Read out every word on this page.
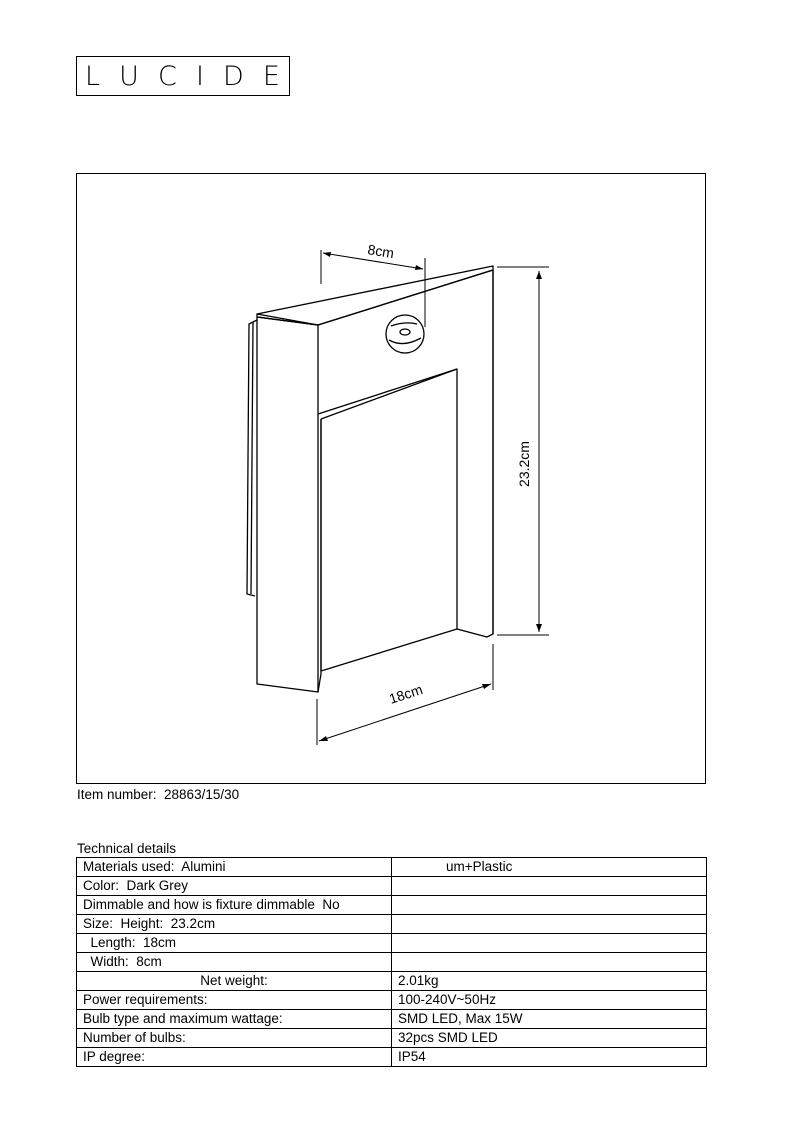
L U C I D E
8cm
23.2cm
18cm
Item number:  28863/15/30
Technical details
Materials used:  Alumini	um+Plastic
Color:  Dark Grey	
Dimmable and how is fixture dimmable  No	
Size:  Height:  23.2cm	
Length:  18cm	
Width:  8cm	
Net weight:	2.01kg
Power requirements:	100-240V~50Hz
Bulb type and maximum wattage:	SMD LED, Max 15W
Number of bulbs:	32pcs SMD LED
IP degree:	IP54
